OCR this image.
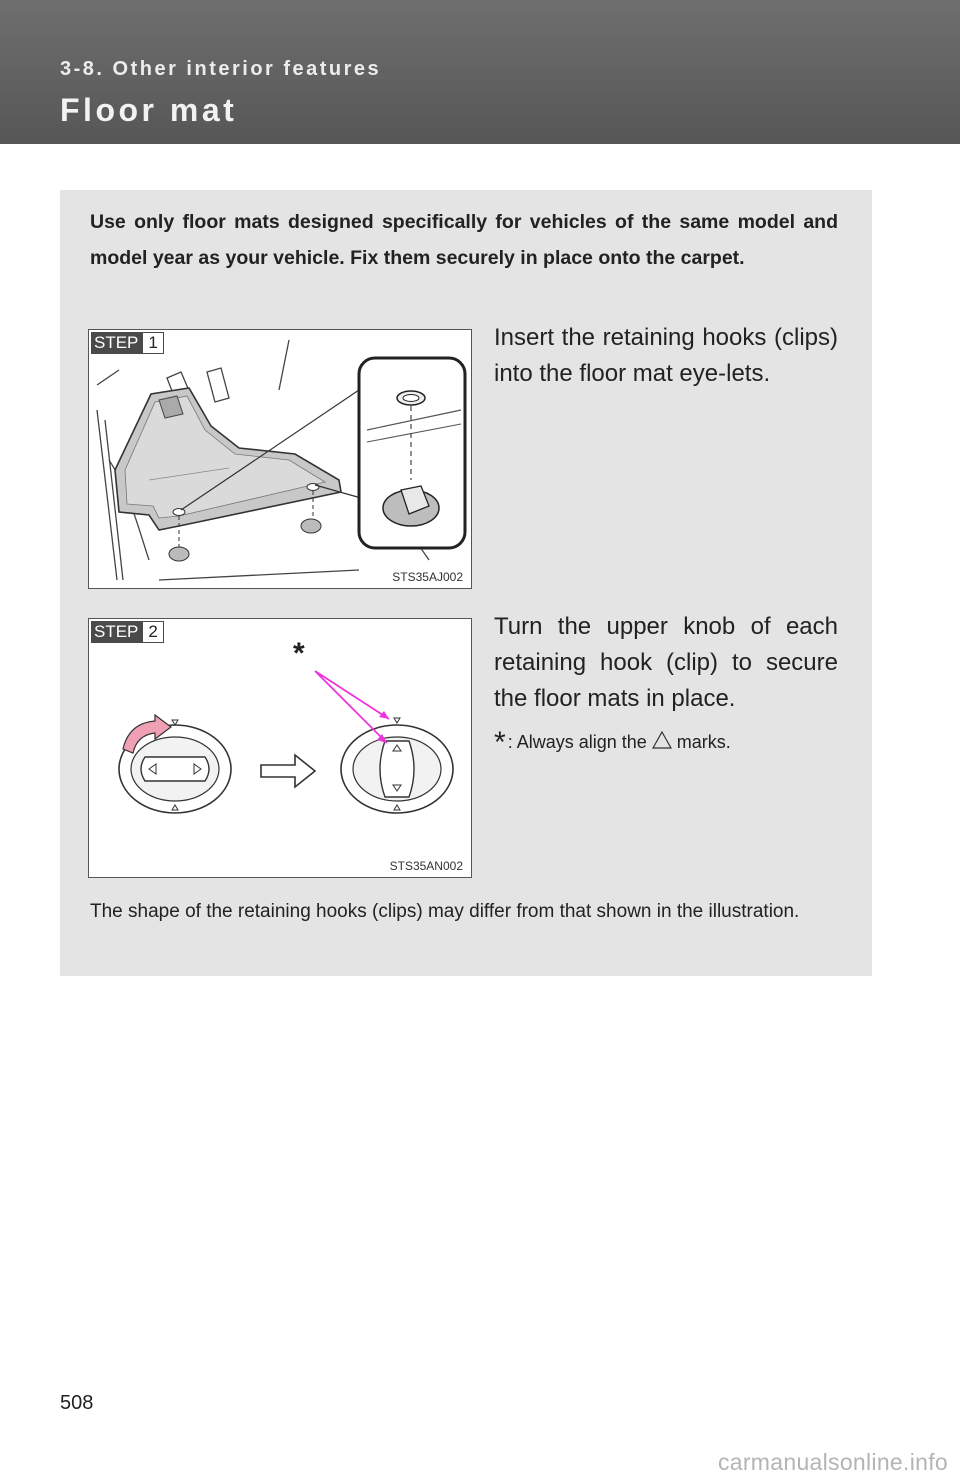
3-8. Other interior features
Floor mat

Use only floor mats designed specifically for vehicles of the same model and model year as your vehicle. Fix them securely in place onto the carpet.

STEP 1
STS35AJ002

Insert the retaining hooks (clips) into the floor mat eye-lets.

*
STEP 2
STS35AN002

Turn the upper knob of each retaining hook (clip) to secure the floor mats in place.

* : Always align the marks.

The shape of the retaining hooks (clips) may differ from that shown in the illustration.

508
carmanualsonline.info
